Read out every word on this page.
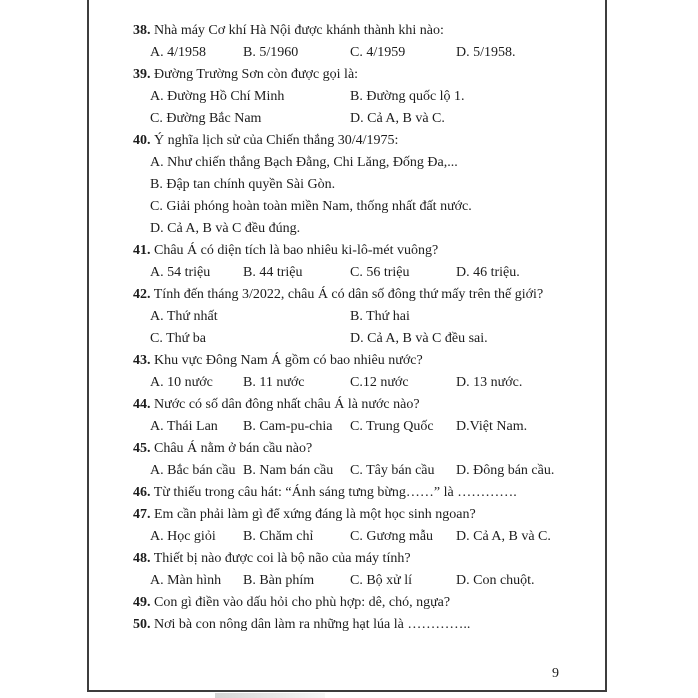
38. Nhà máy Cơ khí Hà Nội được khánh thành khi nào:
A. 4/1958	B. 5/1960	C. 4/1959	D. 5/1958.
39. Đường Trường Sơn còn được gọi là:
A. Đường Hồ Chí Minh	B. Đường quốc lộ 1.
C. Đường Bắc Nam	D. Cả A, B và C.
40. Ý nghĩa lịch sử của Chiến thắng 30/4/1975:
A. Như chiến thắng Bạch Đằng, Chi Lăng, Đống Đa,...
B. Đập tan chính quyền Sài Gòn.
C. Giải phóng hoàn toàn miền Nam, thống nhất đất nước.
D. Cả A, B và C đều đúng.
41. Châu Á có diện tích là bao nhiêu ki-lô-mét vuông?
A. 54 triệu	B. 44 triệu	C. 56 triệu	D. 46 triệu.
42. Tính đến tháng 3/2022, châu Á có dân số đông thứ mấy trên thế giới?
A. Thứ nhất	B. Thứ hai
C. Thứ ba	D. Cả A, B và C đều sai.
43. Khu vực Đông Nam Á gồm có bao nhiêu nước?
A. 10 nước	B. 11 nước	C.12 nước	D. 13 nước.
44. Nước có số dân đông nhất châu Á là nước nào?
A. Thái Lan	B. Cam-pu-chia	C. Trung Quốc	D.Việt Nam.
45. Châu Á nằm ở bán cầu nào?
A. Bắc bán cầu B. Nam bán cầu	C. Tây bán cầu	D. Đông bán cầu.
46. Từ thiếu trong câu hát: “Ánh sáng tưng bừng……” là ………….
47. Em cần phải làm gì để xứng đáng là một học sinh ngoan?
A. Học giỏi	B. Chăm chỉ	C. Gương mẫu	D. Cả A, B và C.
48. Thiết bị nào được coi là bộ não của máy tính?
A. Màn hình	B. Bàn phím	C. Bộ xử lí	D. Con chuột.
49. Con gì điền vào dấu hỏi cho phù hợp: dê, chó, ngựa?
50. Nơi bà con nông dân làm ra những hạt lúa là …………..
9
